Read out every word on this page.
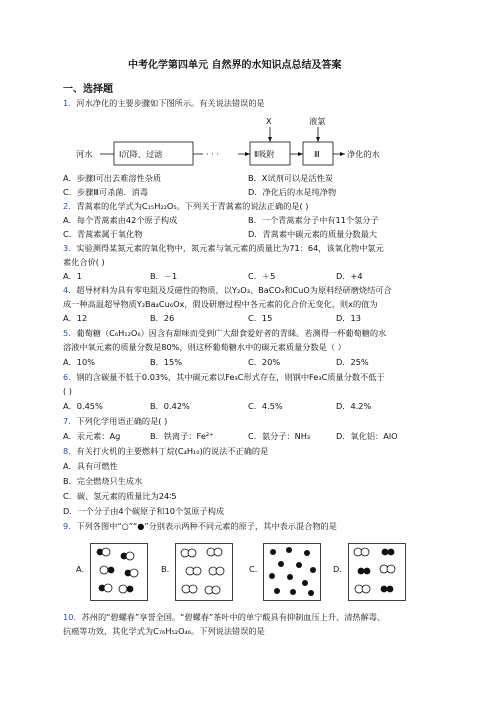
中考化学第四单元 自然界的水知识点总结及答案
一、选择题
1．河水净化的主要步骤如下图所示。有关说法错误的是
河水	Ⅰ沉降、过滤	· · ·	Ⅱ吸附	Ⅲ	净化的水
X	液氯
A．步骤Ⅰ可出去难溶性杂质	B．X试剂可以是活性炭
C．步骤Ⅲ可杀菌．消毒	D．净化后的水是纯净物
2．青蒿素的化学式为C₁₅H₂₂O₅。下列关于青蒿素的说法正确的是( )
A．每个青蒿素由42个原子构成	B．一个青蒿素分子中有11个氢分子
C．青蒿素属于氧化物	D．青蒿素中碳元素的质量分数最大
3．实验测得某氮元素的氧化物中，氮元素与氧元素的质量比为71：64，该氧化物中氯元
素化合价( )
A．1	B．－1	C．＋5	D．+4
4．超导材料为具有零电阻及反磁性的物质，以Y₂O₃、BaCO₃和CuO为原料经研磨烧结可合
成一种高温超导物质Y₂Ba₄Cu₆Ox，假设研磨过程中各元素的化合价无变化，则x的值为
A．12	B．26	C．15	D．13
5．葡萄糖（C₆H₁₂O₆）因含有甜味而受到广大甜食爱好者的青睐。若测得一杯葡萄糖的水
溶液中氧元素的质量分数是80%，则这杯葡萄糖水中的碳元素质量分数是（ ）
A．10%	B．15%	C．20%	D．25%
6．钢的含碳量不低于0.03%，其中碳元素以Fe₃C形式存在，则钢中Fe₃C质量分数不低于
( )
A．0.45%	B．0.42%	C．4.5%	D．4.2%
7．下列化学用语正确的是( )
A．汞元素：Ag	B．铁离子：Fe²⁺	C．氨分子：NH₃	D．氧化铝：AlO
8．有关打火机的主要燃料丁烷(C₄H₁₀)的说法不正确的是
A．具有可燃性
B．完全燃烧只生成水
C．碳、氢元素的质量比为24∶5
D．一个分子由4个碳原子和10个氢原子构成
9．下列各图中“○”“●”分别表示两种不同元素的原子，其中表示混合物的是
A.	B.	C.	D.
10．苏州的“碧螺春”享誉全国。“碧螺春”茶叶中的单宁酸具有抑制血压上升、清热解毒、
抗癌等功效，其化学式为C₇₆H₅₂O₄₆。下列说法错误的是
